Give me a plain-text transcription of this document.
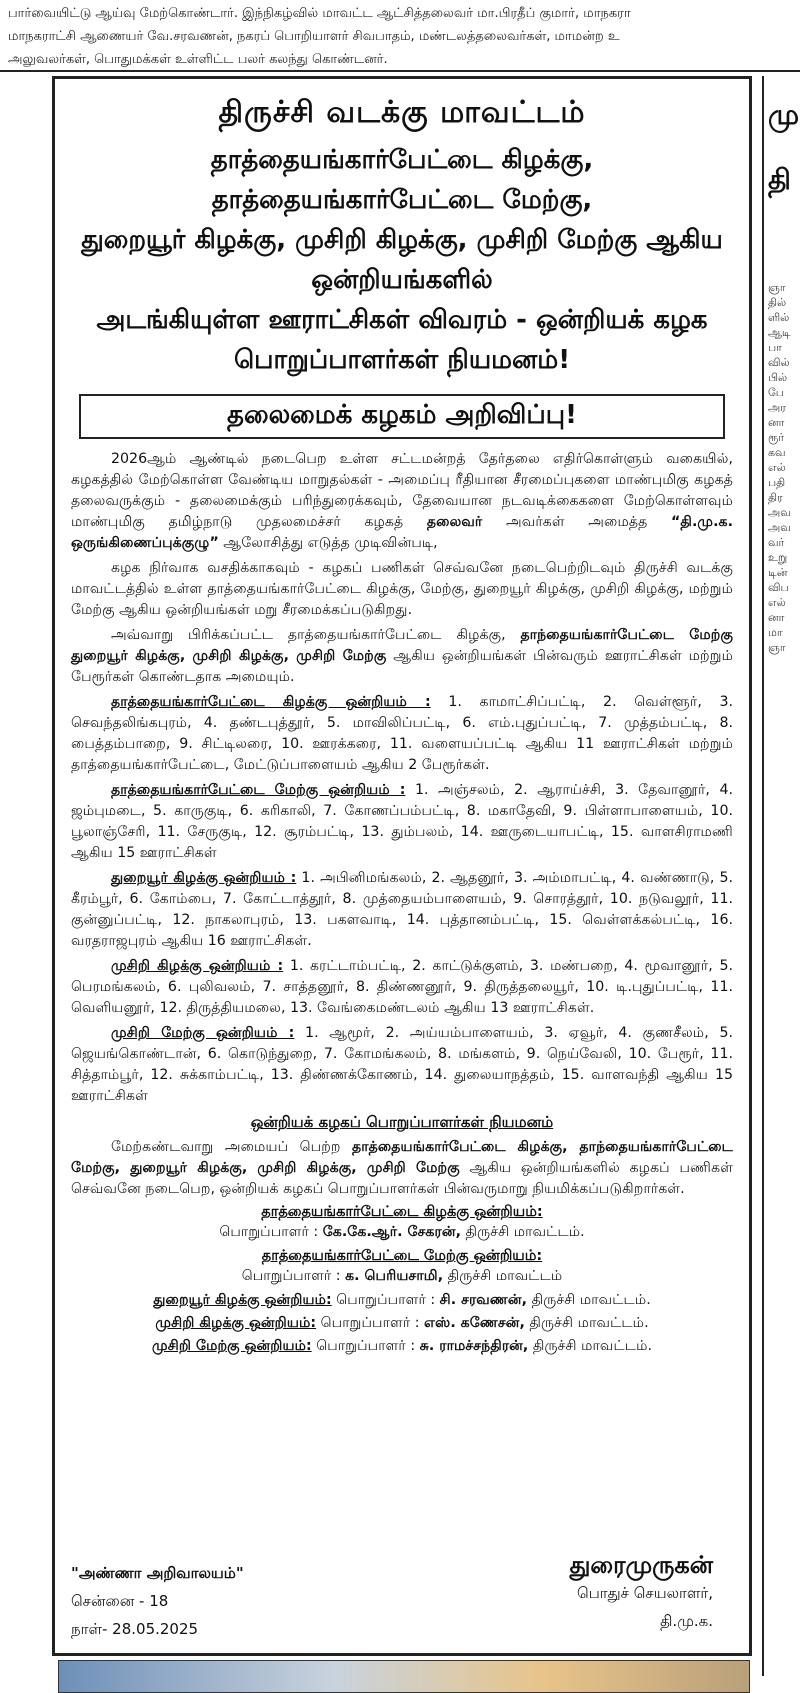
பார்வையிட்டு ஆய்வு மேற்கொண்டார். இந்நிகழ்வில் மாவட்ட ஆட்சித்தலைவர் மா.பிரதீப் குமார், மாநகரா

மாநகராட்சி ஆணையர் வே.சரவணன், நகரப் பொறியாளர் சிவபாதம், மண்டலத்தலைவர்கள், மாமன்ற உ

அலுவலர்கள், பொதுமக்கள் உள்ளிட்ட பலர் கலந்து கொண்டனர்.

திருச்சி வடக்கு மாவட்டம்

தாத்தையங்கார்பேட்டை கிழக்கு, தாத்தையங்கார்பேட்டை மேற்கு,

துறையூர் கிழக்கு, முசிறி கிழக்கு, முசிறி மேற்கு ஆகிய ஒன்றியங்களில்

அடங்கியுள்ள ஊராட்சிகள் விவரம் - ஒன்றியக் கழக பொறுப்பாளர்கள் நியமனம்!

தலைமைக் கழகம் அறிவிப்பு!

2026ஆம் ஆண்டில் நடைபெற உள்ள சட்டமன்றத் தேர்தலை எதிர்கொள்ளும் வகையில், கழகத்தில் மேற்கொள்ள வேண்டிய மாறுதல்கள் - அமைப்பு ரீதியான சீரமைப்புகளை மாண்புமிகு கழகத் தலைவருக்கும் - தலைமைக்கும் பரிந்துரைக்கவும், தேவையான நடவடிக்கைகளை மேற்கொள்ளவும் மாண்புமிகு தமிழ்நாடு முதலமைச்சர் கழகத் தலைவர் அவர்கள் அமைத்த “தி.மு.க. ஒருங்கிணைப்புக்குழு” ஆலோசித்து எடுத்த முடிவின்படி,

கழக நிர்வாக வசதிக்காகவும் - கழகப் பணிகள் செவ்வனே நடைபெற்றிடவும் திருச்சி வடக்கு மாவட்டத்தில் உள்ள தாத்தையங்கார்பேட்டை கிழக்கு, மேற்கு, துறையூர் கிழக்கு, முசிறி கிழக்கு, மற்றும் மேற்கு ஆகிய ஒன்றியங்கள் மறு சீரமைக்கப்படுகிறது.

அவ்வாறு பிரிக்கப்பட்ட தாத்தையங்கார்பேட்டை கிழக்கு, தாந்தையங்கார்பேட்டை மேற்கு துறையூர் கிழக்கு, முசிறி கிழக்கு, முசிறி மேற்கு ஆகிய ஒன்றியங்கள் பின்வரும் ஊராட்சிகள் மற்றும் பேரூர்கள் கொண்டதாக அமையும்.

தாத்தையங்கார்பேட்டை கிழக்கு ஒன்றியம் : 1. காமாட்சிப்பட்டி, 2. வெள்ளூர், 3. செவந்தலிங்கபுரம், 4. தண்டபுத்தூர், 5. மாவிலிப்பட்டி, 6. எம்.புதுப்பட்டி, 7. முத்தம்பட்டி, 8. பைத்தம்பாறை, 9. சிட்டிலரை, 10. ஊரக்கரை, 11. வளையப்பட்டி ஆகிய 11 ஊராட்சிகள் மற்றும் தாத்தையங்கார்பேட்டை, மேட்டுப்பாளையம் ஆகிய 2 பேரூர்கள்.

தாத்தையங்கார்பேட்டை மேற்கு ஒன்றியம் : 1. அஞ்சலம், 2. ஆராய்ச்சி, 3. தேவானூர், 4. ஜம்புமடை, 5. காருகுடி, 6. கரிகாலி, 7. கோணப்பம்பட்டி, 8. மகாதேவி, 9. பிள்ளாபாளையம், 10. பூலாஞ்சேரி, 11. சேருகுடி, 12. சூரம்பட்டி, 13. தும்பலம், 14. ஊருடையாபட்டி, 15. வாளசிராமணி ஆகிய 15 ஊராட்சிகள்

துறையூர் கிழக்கு ஒன்றியம் : 1. அபினிமங்கலம், 2. ஆதனூர், 3. அம்மாபட்டி, 4. வண்ணாடு, 5. கீரம்பூர், 6. கோம்பை, 7. கோட்டாத்தூர், 8. முத்தையம்பாளையம், 9. சொரத்தூர், 10. நடுவலூர், 11. குன்னுப்பட்டி, 12. நாகலாபுரம், 13. பகளவாடி, 14. புத்தானம்பட்டி, 15. வெள்ளக்கல்பட்டி, 16. வரதராஜபுரம் ஆகிய 16 ஊராட்சிகள்.

முசிறி கிழக்கு ஒன்றியம் : 1. கரட்டாம்பட்டி, 2. காட்டுக்குளம், 3. மண்பறை, 4. மூவானூர், 5. பெரமங்கலம், 6. புலிவலம், 7. சாத்தனூர், 8. திண்ணனூர், 9. திருத்தலையூர், 10. டி.புதுப்பட்டி, 11. வெளியனூர், 12. திருத்தியமலை, 13. வேங்கைமண்டலம் ஆகிய 13 ஊராட்சிகள்.

முசிறி மேற்கு ஒன்றியம் : 1. ஆமூர், 2. அய்யம்பாளையம், 3. ஏவூர், 4. குணசீலம், 5. ஜெயங்கொண்டான், 6. கொடுந்துறை, 7. கோமங்கலம், 8. மங்களம், 9. நெய்வேலி, 10. பேரூர், 11. சித்தாம்பூர், 12. சுக்காம்பட்டி, 13. திண்ணக்கோணம், 14. துலையாநத்தம், 15. வாளவந்தி ஆகிய 15 ஊராட்சிகள்

ஒன்றியக் கழகப் பொறுப்பாளர்கள் நியமனம்

மேற்கண்டவாறு அமையப் பெற்ற தாத்தையங்கார்பேட்டை கிழக்கு, தாந்தையங்கார்பேட்டை மேற்கு, துறையூர் கிழக்கு, முசிறி கிழக்கு, முசிறி மேற்கு ஆகிய ஒன்றியங்களில் கழகப் பணிகள் செவ்வனே நடைபெற, ஒன்றியக் கழகப் பொறுப்பாளர்கள் பின்வருமாறு நியமிக்கப்படுகிறார்கள்.

தாத்தையங்கார்பேட்டை கிழக்கு ஒன்றியம்:
பொறுப்பாளர் : கே.கே.ஆர். சேகரன், திருச்சி மாவட்டம்.
தாத்தையங்கார்பேட்டை மேற்கு ஒன்றியம்:
பொறுப்பாளர் : க. பெரியசாமி, திருச்சி மாவட்டம்
துறையூர் கிழக்கு ஒன்றியம்: பொறுப்பாளர் : சி. சரவணன், திருச்சி மாவட்டம்.
முசிறி கிழக்கு ஒன்றியம்: பொறுப்பாளர் : எஸ். கணேசன், திருச்சி மாவட்டம்.
முசிறி மேற்கு ஒன்றியம்: பொறுப்பாளர் : சு. ராமச்சந்திரன், திருச்சி மாவட்டம்.
"அண்ணா அறிவாலயம்"
சென்னை - 18
நாள்- 28.05.2025
துரைமுருகன்
பொதுச் செயலாளர்,
தி.மு.க.
மு
தி
ஞா தில் ளில் ஆடி பா வில் பில் பே அர னா ரூர் கவ எல் பதி திர அவ அவ வர் உறு டின் விப எல் னா மா ஞா
